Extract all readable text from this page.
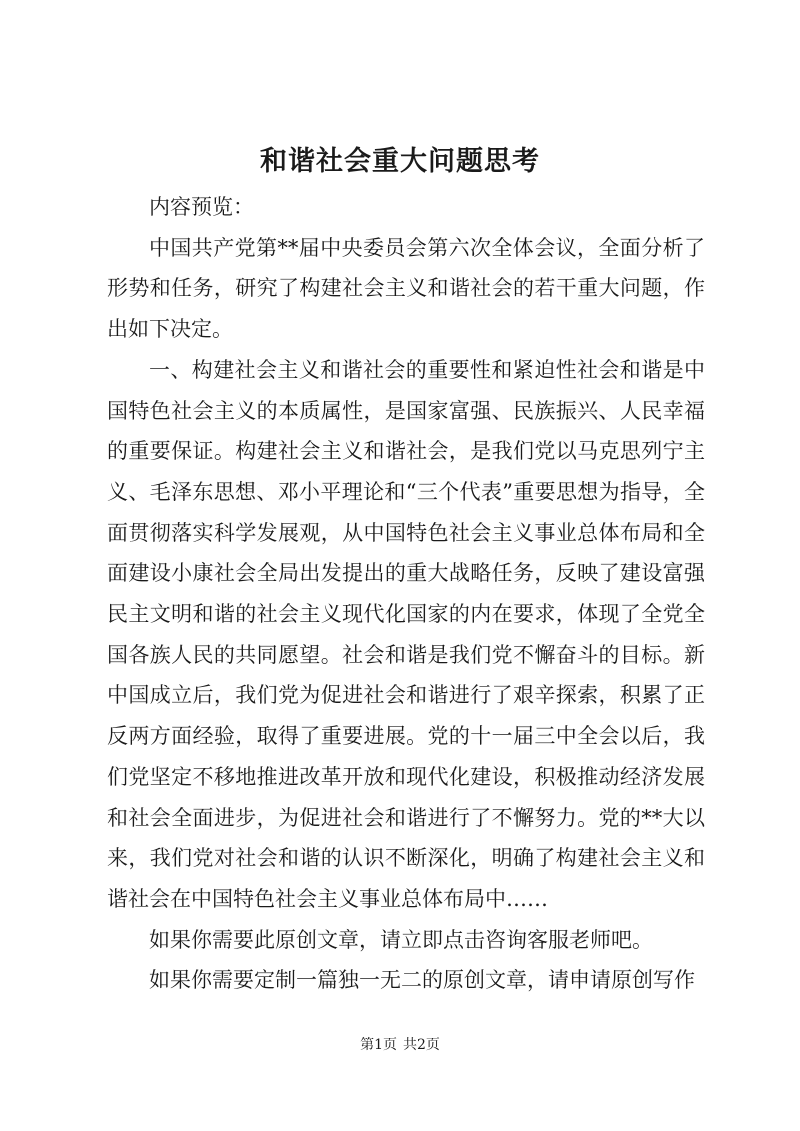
和谐社会重大问题思考

内容预览：

中国共产党第**届中央委员会第六次全体会议，全面分析了形势和任务，研究了构建社会主义和谐社会的若干重大问题，作出如下决定。

一、构建社会主义和谐社会的重要性和紧迫性社会和谐是中国特色社会主义的本质属性，是国家富强、民族振兴、人民幸福的重要保证。构建社会主义和谐社会，是我们党以马克思列宁主义、毛泽东思想、邓小平理论和“三个代表”重要思想为指导，全面贯彻落实科学发展观，从中国特色社会主义事业总体布局和全面建设小康社会全局出发提出的重大战略任务，反映了建设富强民主文明和谐的社会主义现代化国家的内在要求，体现了全党全国各族人民的共同愿望。社会和谐是我们党不懈奋斗的目标。新中国成立后，我们党为促进社会和谐进行了艰辛探索，积累了正反两方面经验，取得了重要进展。党的十一届三中全会以后，我们党坚定不移地推进改革开放和现代化建设，积极推动经济发展和社会全面进步，为促进社会和谐进行了不懈努力。党的**大以来，我们党对社会和谐的认识不断深化，明确了构建社会主义和谐社会在中国特色社会主义事业总体布局中……

如果你需要此原创文章，请立即点击咨询客服老师吧。

如果你需要定制一篇独一无二的原创文章，请申请原创写作

第1页 共2页
